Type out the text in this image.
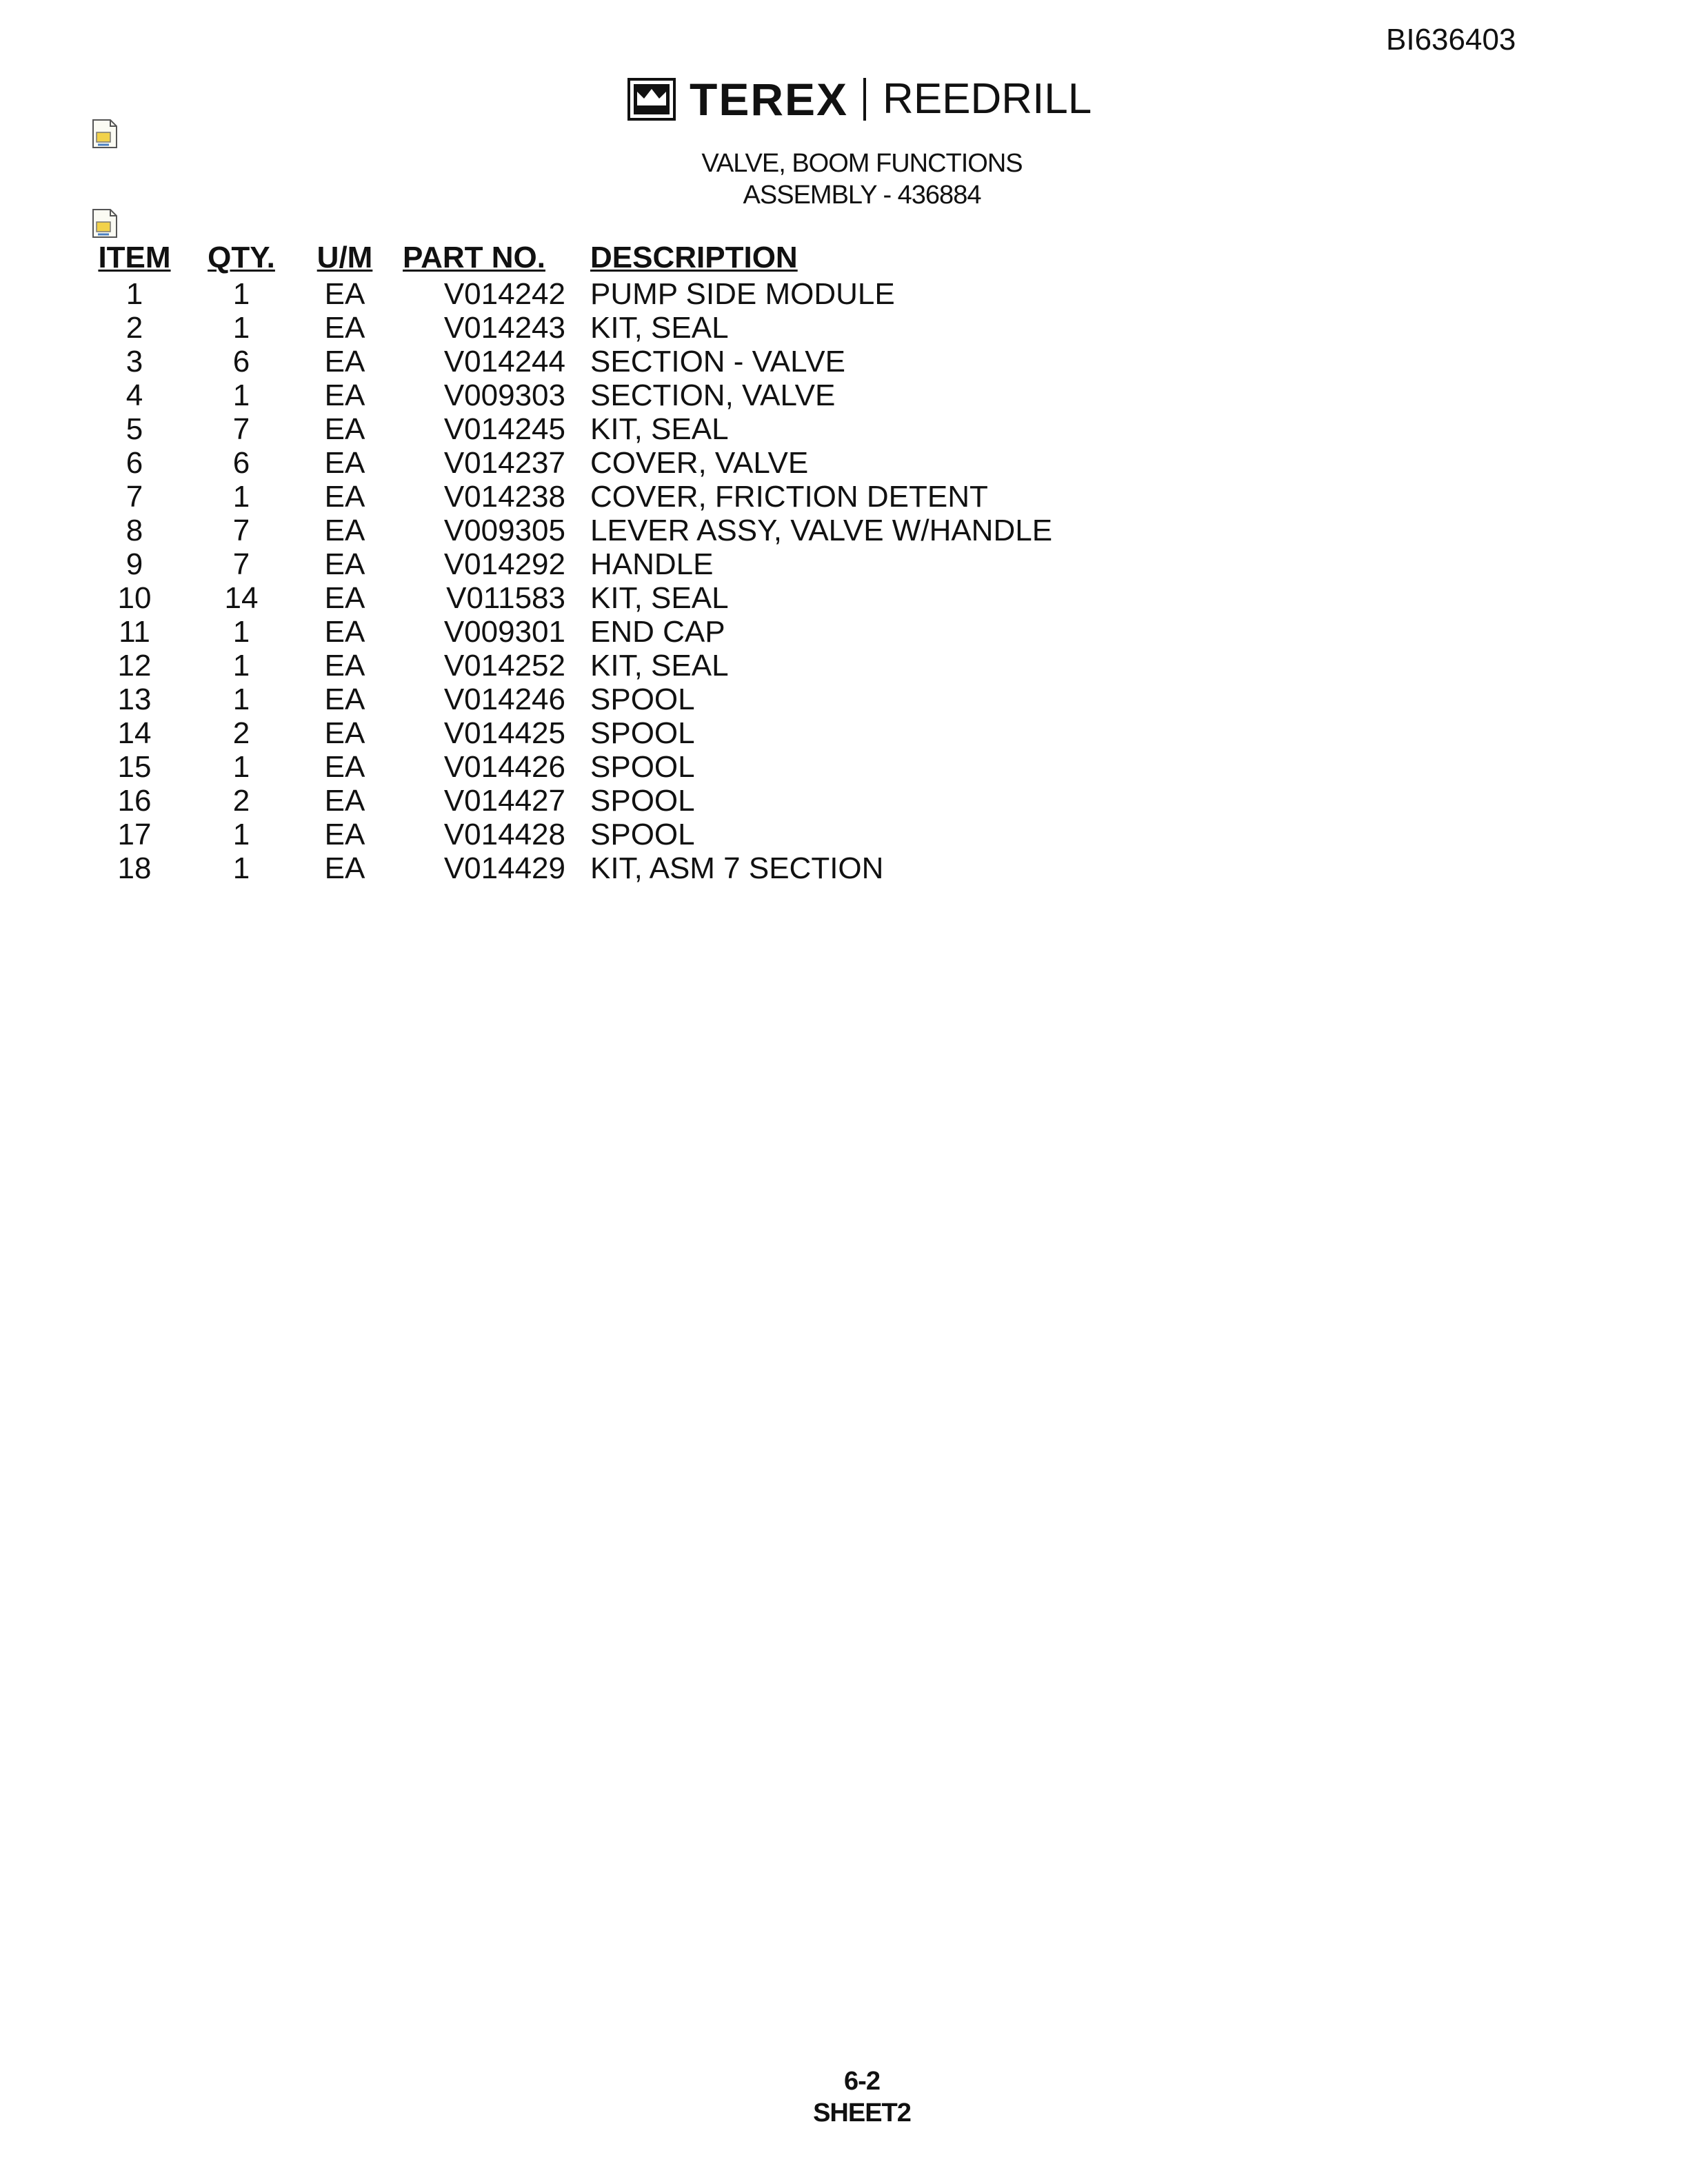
BI636403
TEREX REEDRILL
VALVE, BOOM FUNCTIONS
ASSEMBLY - 436884
ITEM	QTY.	U/M PART NO.	DESCRIPTION
1	1	EA	V014242 PUMP SIDE MODULE
2	1	EA	V014243 KIT, SEAL
3	6	EA	V014244 SECTION - VALVE
4	1	EA	V009303 SECTION, VALVE
5	7	EA	V014245 KIT, SEAL
6	6	EA	V014237 COVER, VALVE
7	1	EA	V014238 COVER, FRICTION DETENT
8	7	EA	V009305 LEVER ASSY, VALVE W/HANDLE
9	7	EA	V014292 HANDLE
10	14	EA	V011583 KIT, SEAL
11	1	EA	V009301 END CAP
12	1	EA	V014252 KIT, SEAL
13	1	EA	V014246 SPOOL
14	2	EA	V014425 SPOOL
15	1	EA	V014426 SPOOL
16	2	EA	V014427 SPOOL
17	1	EA	V014428 SPOOL
18	1	EA	V014429 KIT, ASM 7 SECTION
6-2
SHEET2
